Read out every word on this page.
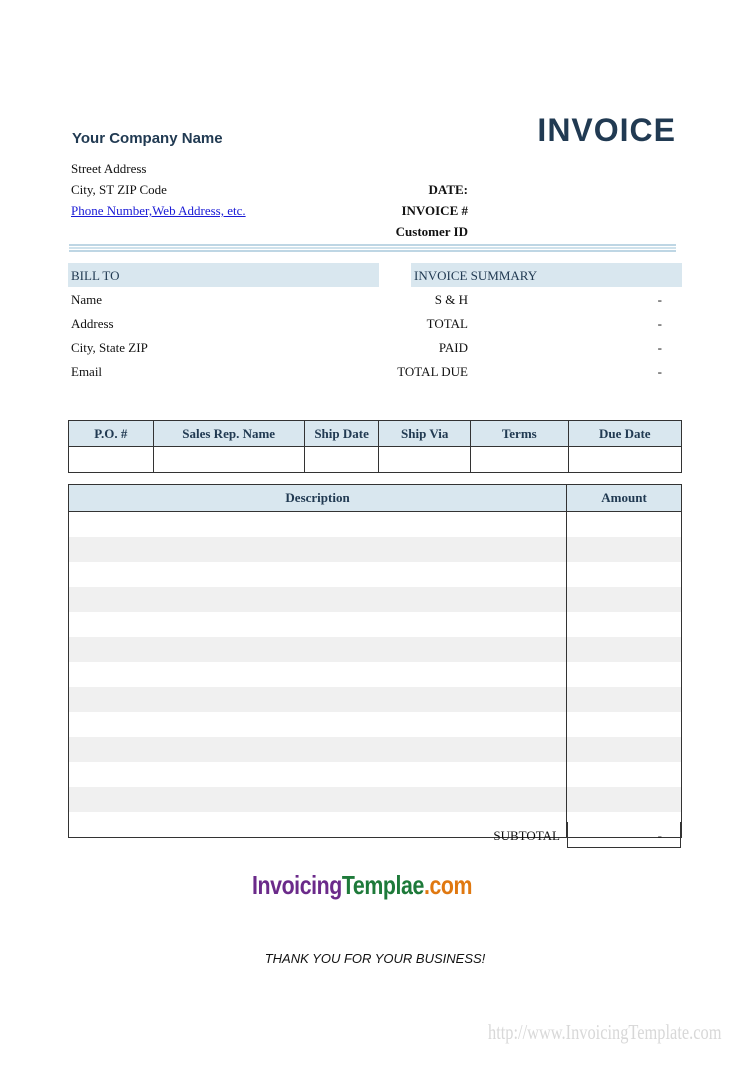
Your Company Name	INVOICE
Street Address
City, ST ZIP Code
Phone Number,Web Address, etc.
DATE:
INVOICE #
Customer ID
BILL TO	INVOICE SUMMARY
Name
Address
City, State ZIP
Email
S & H	-
TOTAL	-
PAID	-
TOTAL DUE	-
P.O. #	Sales Rep. Name	Ship Date	Ship Via	Terms	Due Date

Description	Amount

SUBTOTAL	-
InvoicingTemplae.com
THANK YOU FOR YOUR BUSINESS!
http://www.InvoicingTemplate.com
